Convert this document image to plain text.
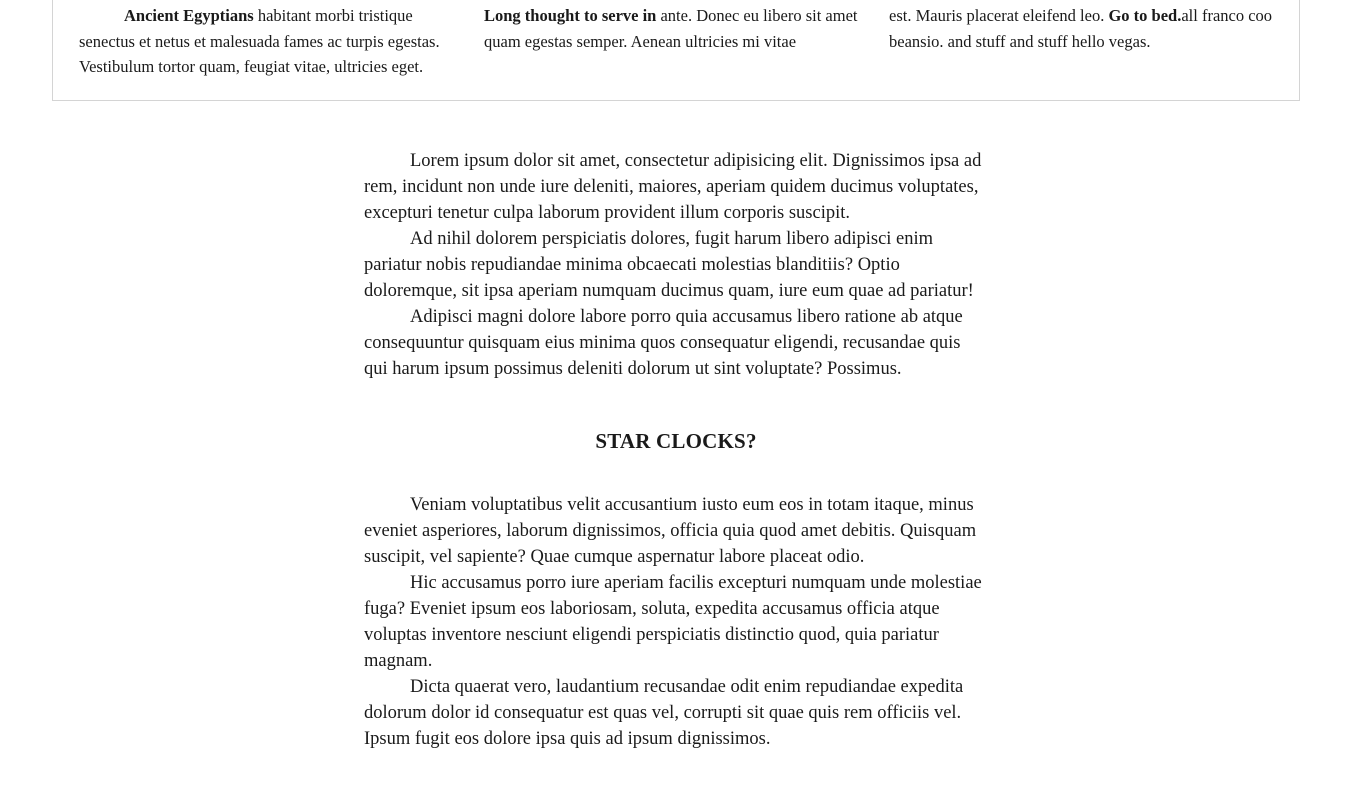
Ancient Egyptians habitant morbi tristique senectus et netus et malesuada fames ac turpis egestas. Vestibulum tortor quam, feugiat vitae, ultricies eget.

Long thought to serve in ante. Donec eu libero sit amet quam egestas semper. Aenean ultricies mi vitae

est. Mauris placerat eleifend leo. Go to bed.all franco coo beansio. and stuff and stuff hello vegas.

Lorem ipsum dolor sit amet, consectetur adipisicing elit. Dignissimos ipsa ad rem, incidunt non unde iure deleniti, maiores, aperiam quidem ducimus voluptates, excepturi tenetur culpa laborum provident illum corporis suscipit.

Ad nihil dolorem perspiciatis dolores, fugit harum libero adipisci enim pariatur nobis repudiandae minima obcaecati molestias blanditiis? Optio doloremque, sit ipsa aperiam numquam ducimus quam, iure eum quae ad pariatur!

Adipisci magni dolore labore porro quia accusamus libero ratione ab atque consequuntur quisquam eius minima quos consequatur eligendi, recusandae quis qui harum ipsum possimus deleniti dolorum ut sint voluptate? Possimus.

STAR CLOCKS?

Veniam voluptatibus velit accusantium iusto eum eos in totam itaque, minus eveniet asperiores, laborum dignissimos, officia quia quod amet debitis. Quisquam suscipit, vel sapiente? Quae cumque aspernatur labore placeat odio.

Hic accusamus porro iure aperiam facilis excepturi numquam unde molestiae fuga? Eveniet ipsum eos laboriosam, soluta, expedita accusamus officia atque voluptas inventore nesciunt eligendi perspiciatis distinctio quod, quia pariatur magnam.

Dicta quaerat vero, laudantium recusandae odit enim repudiandae expedita dolorum dolor id consequatur est quas vel, corrupti sit quae quis rem officiis vel. Ipsum fugit eos dolore ipsa quis ad ipsum dignissimos.
